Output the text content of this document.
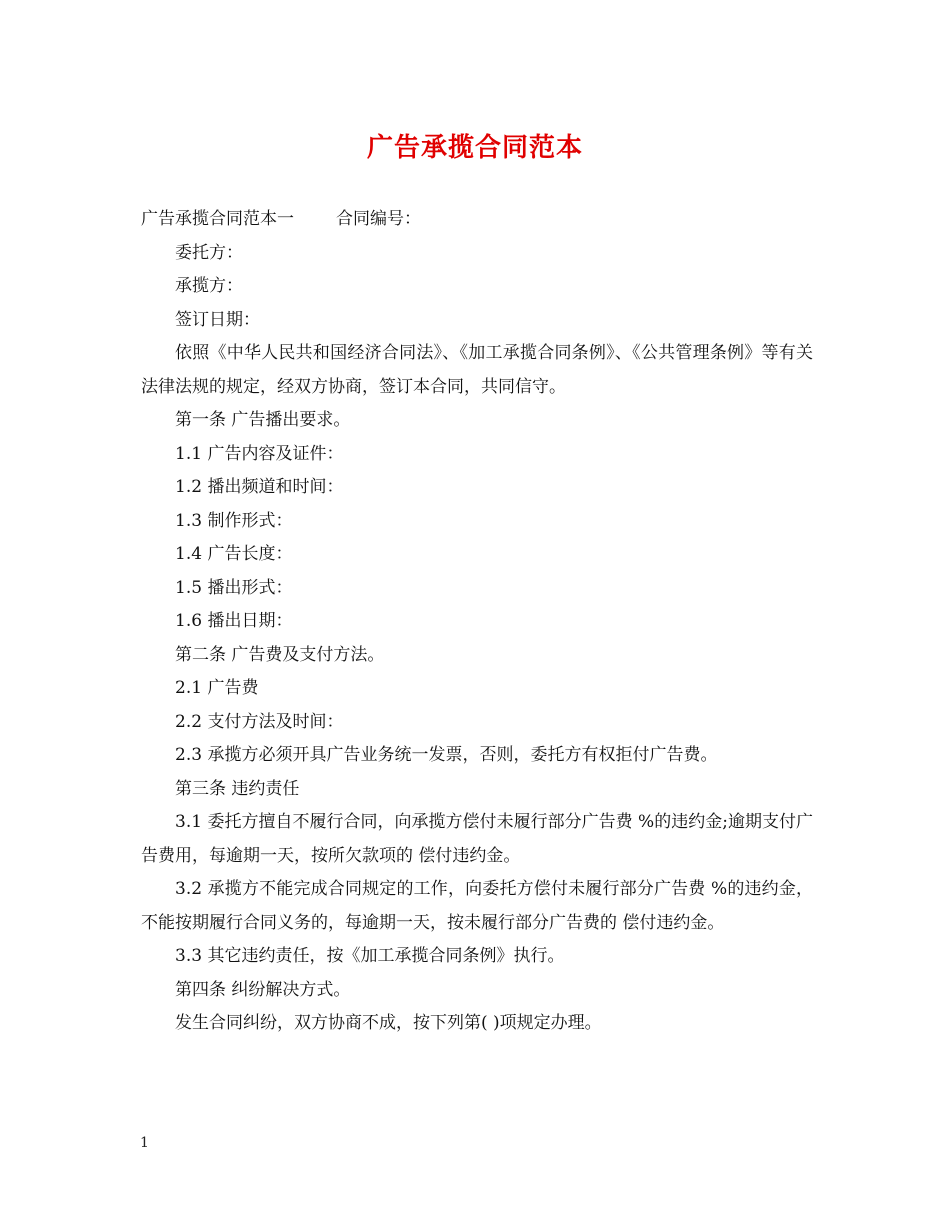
广告承揽合同范本

广告承揽合同范本一 合同编号：

委托方：

承揽方：

签订日期：

依照《中华人民共和国经济合同法》、《加工承揽合同条例》、《公共管理条例》等有关法律法规的规定，经双方协商，签订本合同，共同信守。

第一条 广告播出要求。

1.1 广告内容及证件：

1.2 播出频道和时间：

1.3 制作形式：

1.4 广告长度：

1.5 播出形式：

1.6 播出日期：

第二条 广告费及支付方法。

2.1 广告费

2.2 支付方法及时间：

2.3 承揽方必须开具广告业务统一发票，否则，委托方有权拒付广告费。

第三条 违约责任

3.1 委托方擅自不履行合同，向承揽方偿付未履行部分广告费 %的违约金;逾期支付广告费用，每逾期一天，按所欠款项的 偿付违约金。

3.2 承揽方不能完成合同规定的工作，向委托方偿付未履行部分广告费 %的违约金，不能按期履行合同义务的，每逾期一天，按未履行部分广告费的 偿付违约金。

3.3 其它违约责任，按《加工承揽合同条例》执行。

第四条 纠纷解决方式。

发生合同纠纷，双方协商不成，按下列第( )项规定办理。

1
